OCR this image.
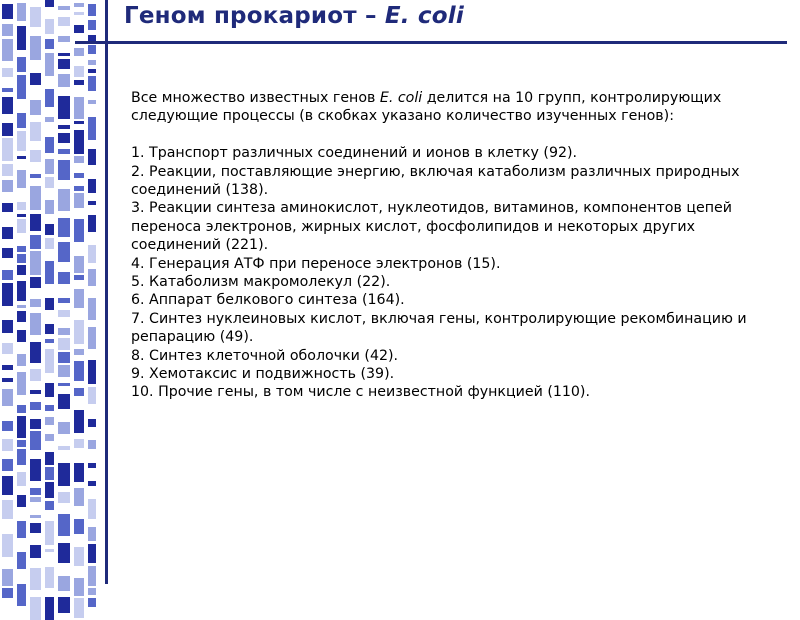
Геном прокариот – E. coli
Все множество известных генов E. coli делится на 10 групп, контролирующих следующие процессы (в скобках указано количество изученных генов):
1. Транспорт различных соединений и ионов в клетку (92).
2. Реакции, поставляющие энергию, включая катаболизм различных природных соединений (138).
3. Реакции синтеза аминокислот, нуклеотидов, витаминов, компонентов цепей переноса электронов, жирных кислот, фосфолипидов и некоторых других соединений (221).
4. Генерация АТФ при переносе электронов (15).
5. Катаболизм макромолекул (22).
6. Аппарат белкового синтеза (164).
7. Синтез нуклеиновых кислот, включая гены, контролирующие рекомбинацию и репарацию (49).
8. Синтез клеточной оболочки (42).
9. Хемотаксис и подвижность (39).
10. Прочие гены, в том числе с неизвестной функцией (110).
